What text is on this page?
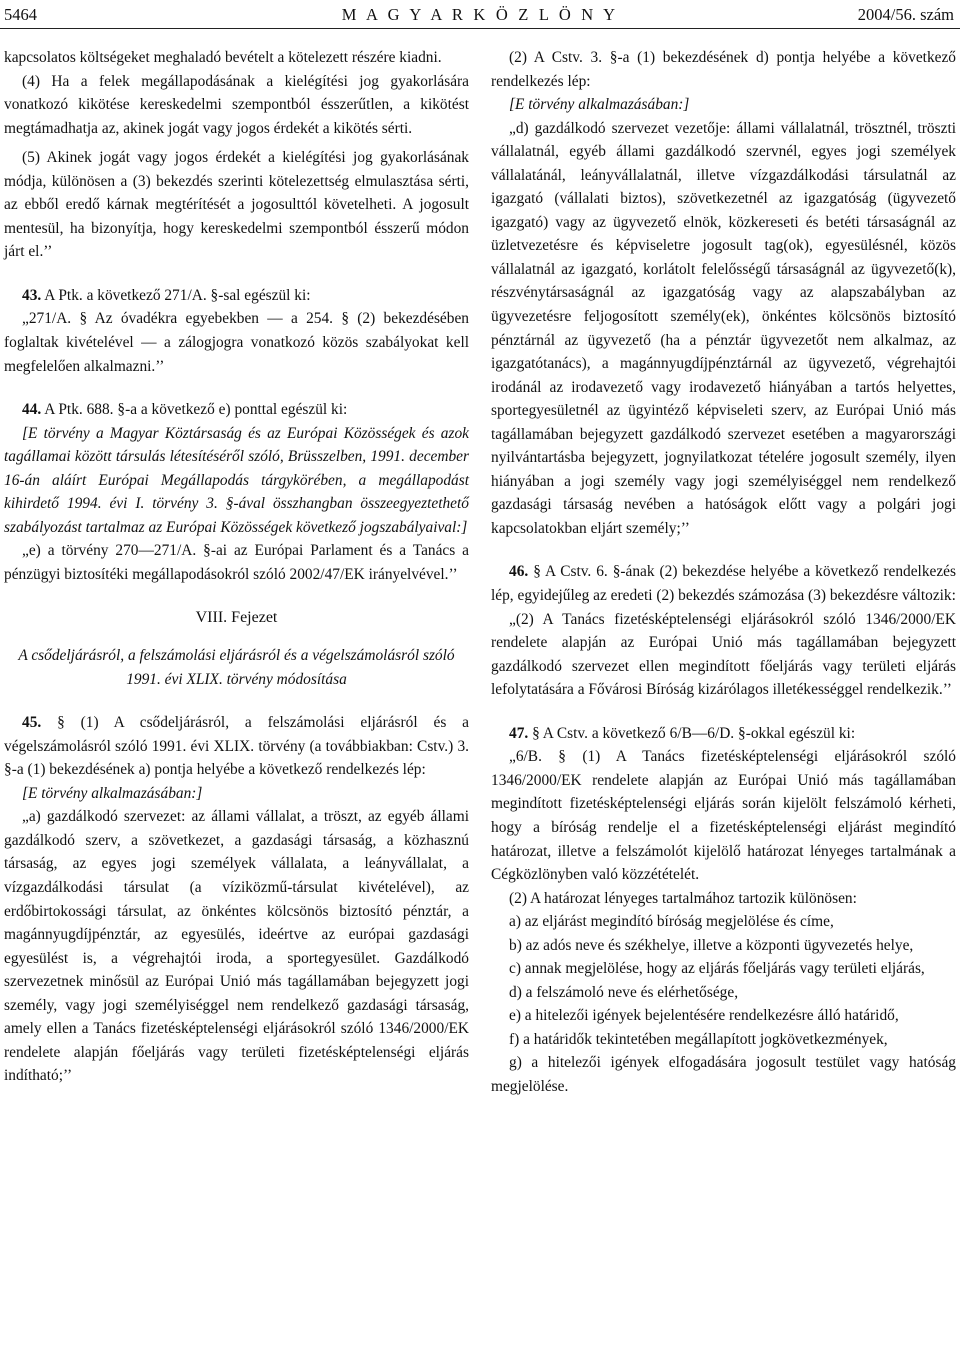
5464	M A G Y A R K Ö Z L Ö N Y	2004/56. szám

kapcsolatos költségeket meghaladó bevételt a kötelezett részére kiadni.

(4) Ha a felek megállapodásának a kielégítési jog gyakorlására vonatkozó kikötése kereskedelmi szempontból ésszerűtlen, a kikötést megtámadhatja az, akinek jogát vagy jogos érdekét a kikötés sérti.

(5) Akinek jogát vagy jogos érdekét a kielégítési jog gyakorlásának módja, különösen a (3) bekezdés szerinti kötelezettség elmulasztása sérti, az ebből eredő kárnak megtérítését a jogosulttól követelheti. A jogosult mentesül, ha bizonyítja, hogy kereskedelmi szempontból ésszerű módon járt el.’’

43. A Ptk. a következő 271/A. §-sal egészül ki:

„271/A. § Az óvadékra egyebekben — a 254. § (2) bekezdésében foglaltak kivételével — a zálogjogra vonatkozó közös szabályokat kell megfelelően alkalmazni.’’

44. A Ptk. 688. §-a a következő e) ponttal egészül ki:

[E törvény a Magyar Köztársaság és az Európai Közösségek és azok tagállamai között társulás létesítéséről szóló, Brüsszelben, 1991. december 16-án aláírt Európai Megállapodás tárgykörében, a megállapodást kihirdető 1994. évi I. törvény 3. §-ával összhangban összeegyeztethető szabályozást tartalmaz az Európai Közösségek következő jogszabályaival:]

„e) a törvény 270—271/A. §-ai az Európai Parlament és a Tanács a pénzügyi biztosítéki megállapodásokról szóló 2002/47/EK irányelvével.’’

VIII. Fejezet

A csődeljárásról, a felszámolási eljárásról és a végelszámolásról szóló 1991. évi XLIX. törvény módosítása

45. § (1) A csődeljárásról, a felszámolási eljárásról és a végelszámolásról szóló 1991. évi XLIX. törvény (a továbbiakban: Cstv.) 3. §-a (1) bekezdésének a) pontja helyébe a következő rendelkezés lép:

[E törvény alkalmazásában:]

„a) gazdálkodó szervezet: az állami vállalat, a tröszt, az egyéb állami gazdálkodó szerv, a szövetkezet, a gazdasági társaság, a közhasznú társaság, az egyes jogi személyek vállalata, a leányvállalat, a vízgazdálkodási társulat (a víziközmű-társulat kivételével), az erdőbirtokossági társulat, az önkéntes kölcsönös biztosító pénztár, a magánnyugdíjpénztár, az egyesülés, ideértve az európai gazdasági egyesülést is, a végrehajtói iroda, a sportegyesület. Gazdálkodó szervezetnek minősül az Európai Unió más tagállamában bejegyzett jogi személy, vagy jogi személyiséggel nem rendelkező gazdasági társaság, amely ellen a Tanács fizetésképtelenségi eljárásokról szóló 1346/2000/EK rendelete alapján főeljárás vagy területi fizetésképtelenségi eljárás indítható;’’

(2) A Cstv. 3. §-a (1) bekezdésének d) pontja helyébe a következő rendelkezés lép:

[E törvény alkalmazásában:]

„d) gazdálkodó szervezet vezetője: állami vállalatnál, trösztnél, tröszti vállalatnál, egyéb állami gazdálkodó szervnél, egyes jogi személyek vállalatánál, leányvállalatnál, illetve vízgazdálkodási társulatnál az igazgató (vállalati biztos), szövetkezetnél az igazgatóság (ügyvezető igazgató) vagy az ügyvezető elnök, közkereseti és betéti társaságnál az üzletvezetésre és képviseletre jogosult tag(ok), egyesülésnél, közös vállalatnál az igazgató, korlátolt felelősségű társaságnál az ügyvezető(k), részvénytársaságnál az igazgatóság vagy az alapszabályban az ügyvezetésre feljogosított személy(ek), önkéntes kölcsönös biztosító pénztárnál az ügyvezető (ha a pénztár ügyvezetőt nem alkalmaz, az igazgatótanács), a magánnyugdíjpénztárnál az ügyvezető, végrehajtói irodánál az irodavezető vagy irodavezető hiányában a tartós helyettes, sportegyesületnél az ügyintéző képviseleti szerv, az Európai Unió más tagállamában bejegyzett gazdálkodó szervezet esetében a magyarországi nyilvántartásba bejegyzett, jognyilatkozat tételére jogosult személy, ilyen hiányában a jogi személy vagy jogi személyiséggel nem rendelkező gazdasági társaság nevében a hatóságok előtt vagy a polgári jogi kapcsolatokban eljárt személy;’’

46. § A Cstv. 6. §-ának (2) bekezdése helyébe a következő rendelkezés lép, egyidejűleg az eredeti (2) bekezdés számozása (3) bekezdésre változik:

„(2) A Tanács fizetésképtelenségi eljárásokról szóló 1346/2000/EK rendelete alapján az Európai Unió más tagállamában bejegyzett gazdálkodó szervezet ellen megindított főeljárás vagy területi eljárás lefolytatására a Fővárosi Bíróság kizárólagos illetékességgel rendelkezik.’’

47. § A Cstv. a következő 6/B—6/D. §-okkal egészül ki:

„6/B. § (1) A Tanács fizetésképtelenségi eljárásokról szóló 1346/2000/EK rendelete alapján az Európai Unió más tagállamában megindított fizetésképtelenségi eljárás során kijelölt felszámoló kérheti, hogy a bíróság rendelje el a fizetésképtelenségi eljárást megindító határozat, illetve a felszámolót kijelölő határozat lényeges tartalmának a Cégközlönyben való közzétételét.

(2) A határozat lényeges tartalmához tartozik különösen:

a) az eljárást megindító bíróság megjelölése és címe,

b) az adós neve és székhelye, illetve a központi ügyvezetés helye,

c) annak megjelölése, hogy az eljárás főeljárás vagy területi eljárás,

d) a felszámoló neve és elérhetősége,

e) a hitelezői igények bejelentésére rendelkezésre álló határidő,

f) a határidők tekintetében megállapított jogkövetkezmények,

g) a hitelezői igények elfogadására jogosult testület vagy hatóság megjelölése.
